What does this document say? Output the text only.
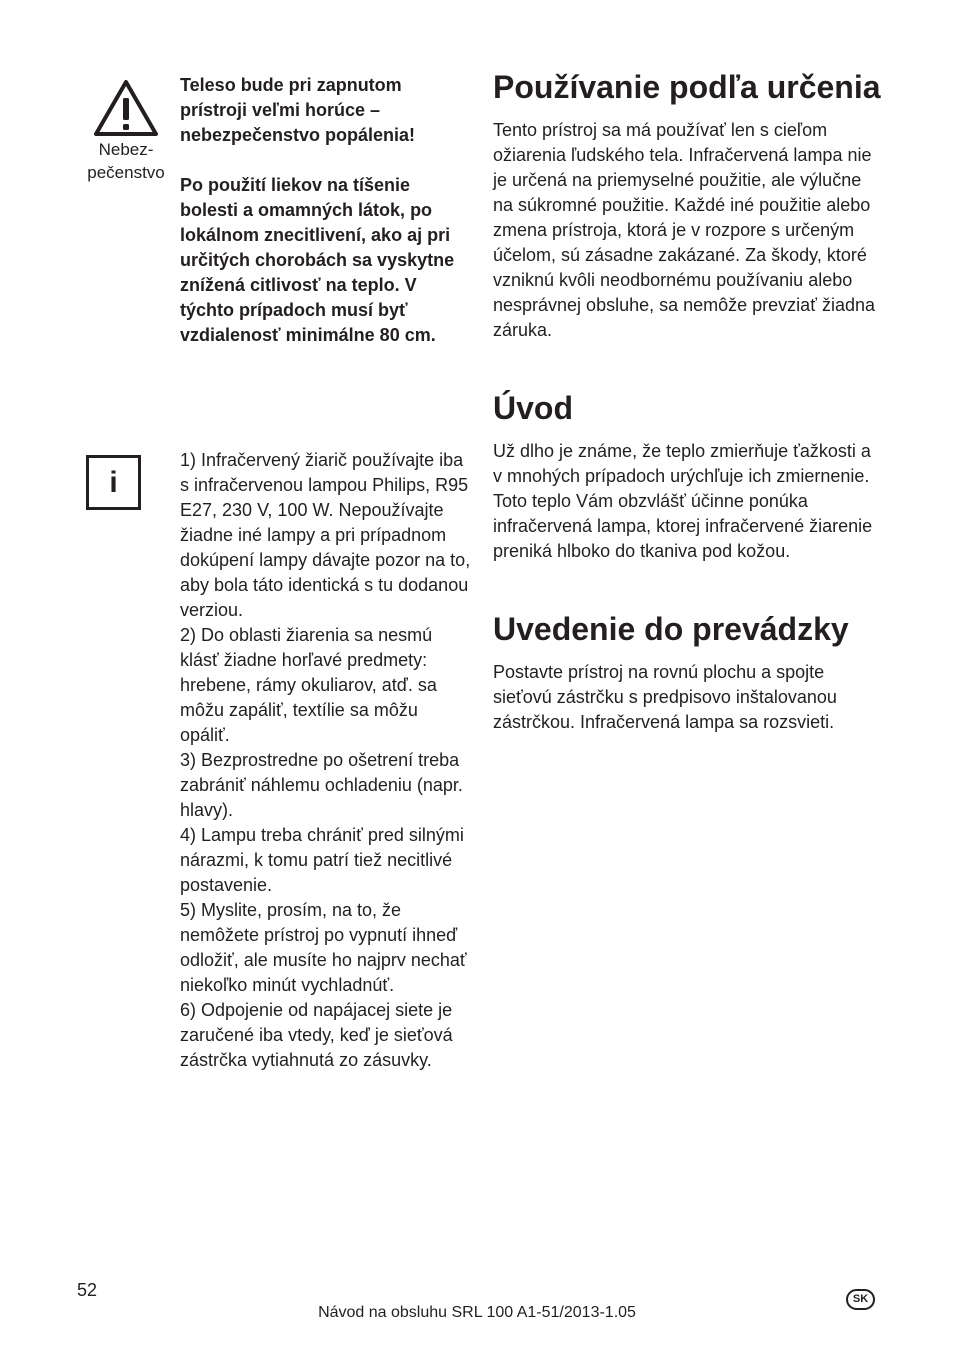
Nebez-
pečenstvo

Teleso bude pri zapnutom prístroji veľmi horúce – nebezpečenstvo popálenia!

Po použití liekov na tíšenie bolesti a omamných látok, po lokálnom znecitlivení, ako aj pri určitých chorobách sa vyskytne znížená citlivosť na teplo. V týchto prípadoch musí byť vzdialenosť minimálne 80 cm.

i

1) Infračervený žiarič používajte iba s infračervenou lampou Philips, R95 E27, 230 V, 100 W. Nepoužívajte žiadne iné lampy a pri prípadnom dokúpení lampy dávajte pozor na to, aby bola táto identická s tu dodanou verziou.

2) Do oblasti žiarenia sa nesmú klásť žiadne horľavé predmety: hrebene, rámy okuliarov, atď. sa môžu zapáliť, textílie sa môžu opáliť.

3) Bezprostredne po ošetrení treba zabrániť náhlemu ochladeniu (napr. hlavy).

4) Lampu treba chrániť pred silnými nárazmi, k tomu patrí tiež necitlivé postavenie.

5) Myslite, prosím, na to, že nemôžete prístroj po vypnutí ihneď odložiť, ale musíte ho najprv nechať niekoľko minút vychladnúť.

6) Odpojenie od napájacej siete je zaručené iba vtedy, keď je sieťová zástrčka vytiahnutá zo zásuvky.

Používanie podľa určenia

Tento prístroj sa má používať len s cieľom ožiarenia ľudského tela. Infračervená lampa nie je určená na priemyselné použitie, ale výlučne na súkromné použitie. Každé iné použitie alebo zmena prístroja, ktorá je v rozpore s určeným účelom, sú zásadne zakázané. Za škody, ktoré vzniknú kvôli neodbornému používaniu alebo nesprávnej obsluhe, sa nemôže prevziať žiadna záruka.

Úvod

Už dlho je známe, že teplo zmierňuje ťažkosti a v mnohých prípadoch urýchľuje ich zmiernenie. Toto teplo Vám obzvlášť účinne ponúka infračervená lampa, ktorej infračervené žiarenie preniká hlboko do tkaniva pod kožou.

Uvedenie do prevádzky

Postavte prístroj na rovnú plochu a spojte sieťovú zástrčku s predpisovo inštalovanou zástrčkou. Infračervená lampa sa rozsvieti.

52
Návod na obsluhu SRL 100 A1-51/2013-1.05
SK
